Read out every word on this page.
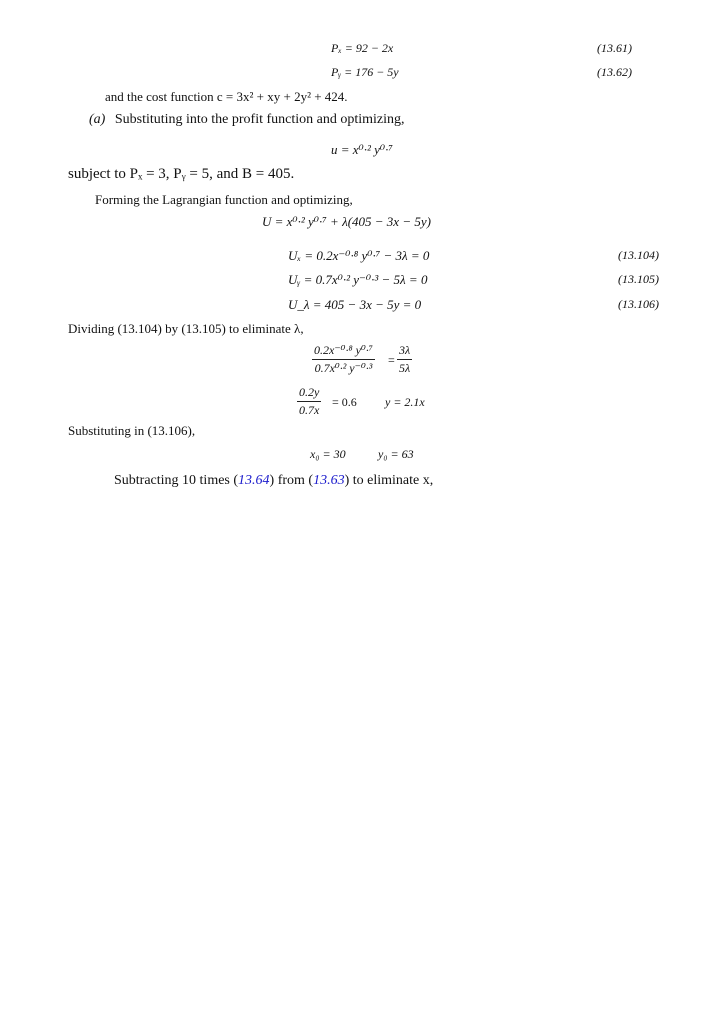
Pₓ = 92 − 2x	(13.61)
Pᵧ = 176 − 5y	(13.62)
and the cost function c = 3x² + xy + 2y² + 424.
(a) Substituting into the profit function and optimizing,
u = x⁰·² y⁰·⁷
subject to Pₓ = 3, Pᵧ = 5, and B = 405.
Forming the Lagrangian function and optimizing,
U = x⁰·² y⁰·⁷ + λ(405 − 3x − 5y)
Uₓ = 0.2x⁻⁰·⁸ y⁰·⁷ − 3λ = 0	(13.104)
Uᵧ = 0.7x⁰·² y⁻⁰·³ − 5λ = 0	(13.105)
U_λ = 405 − 3x − 5y = 0	(13.106)
Dividing (13.104) by (13.105) to eliminate λ,
0.2x⁻⁰·⁸ y⁰·⁷
0.7x⁰·² y⁻⁰·³
=
3λ
5λ
0.2y
0.7x
= 0.6 y = 2.1x
Substituting in (13.106),
x₀ = 30	y₀ = 63
Subtracting 10 times (13.64) from (13.63) to eliminate x,
